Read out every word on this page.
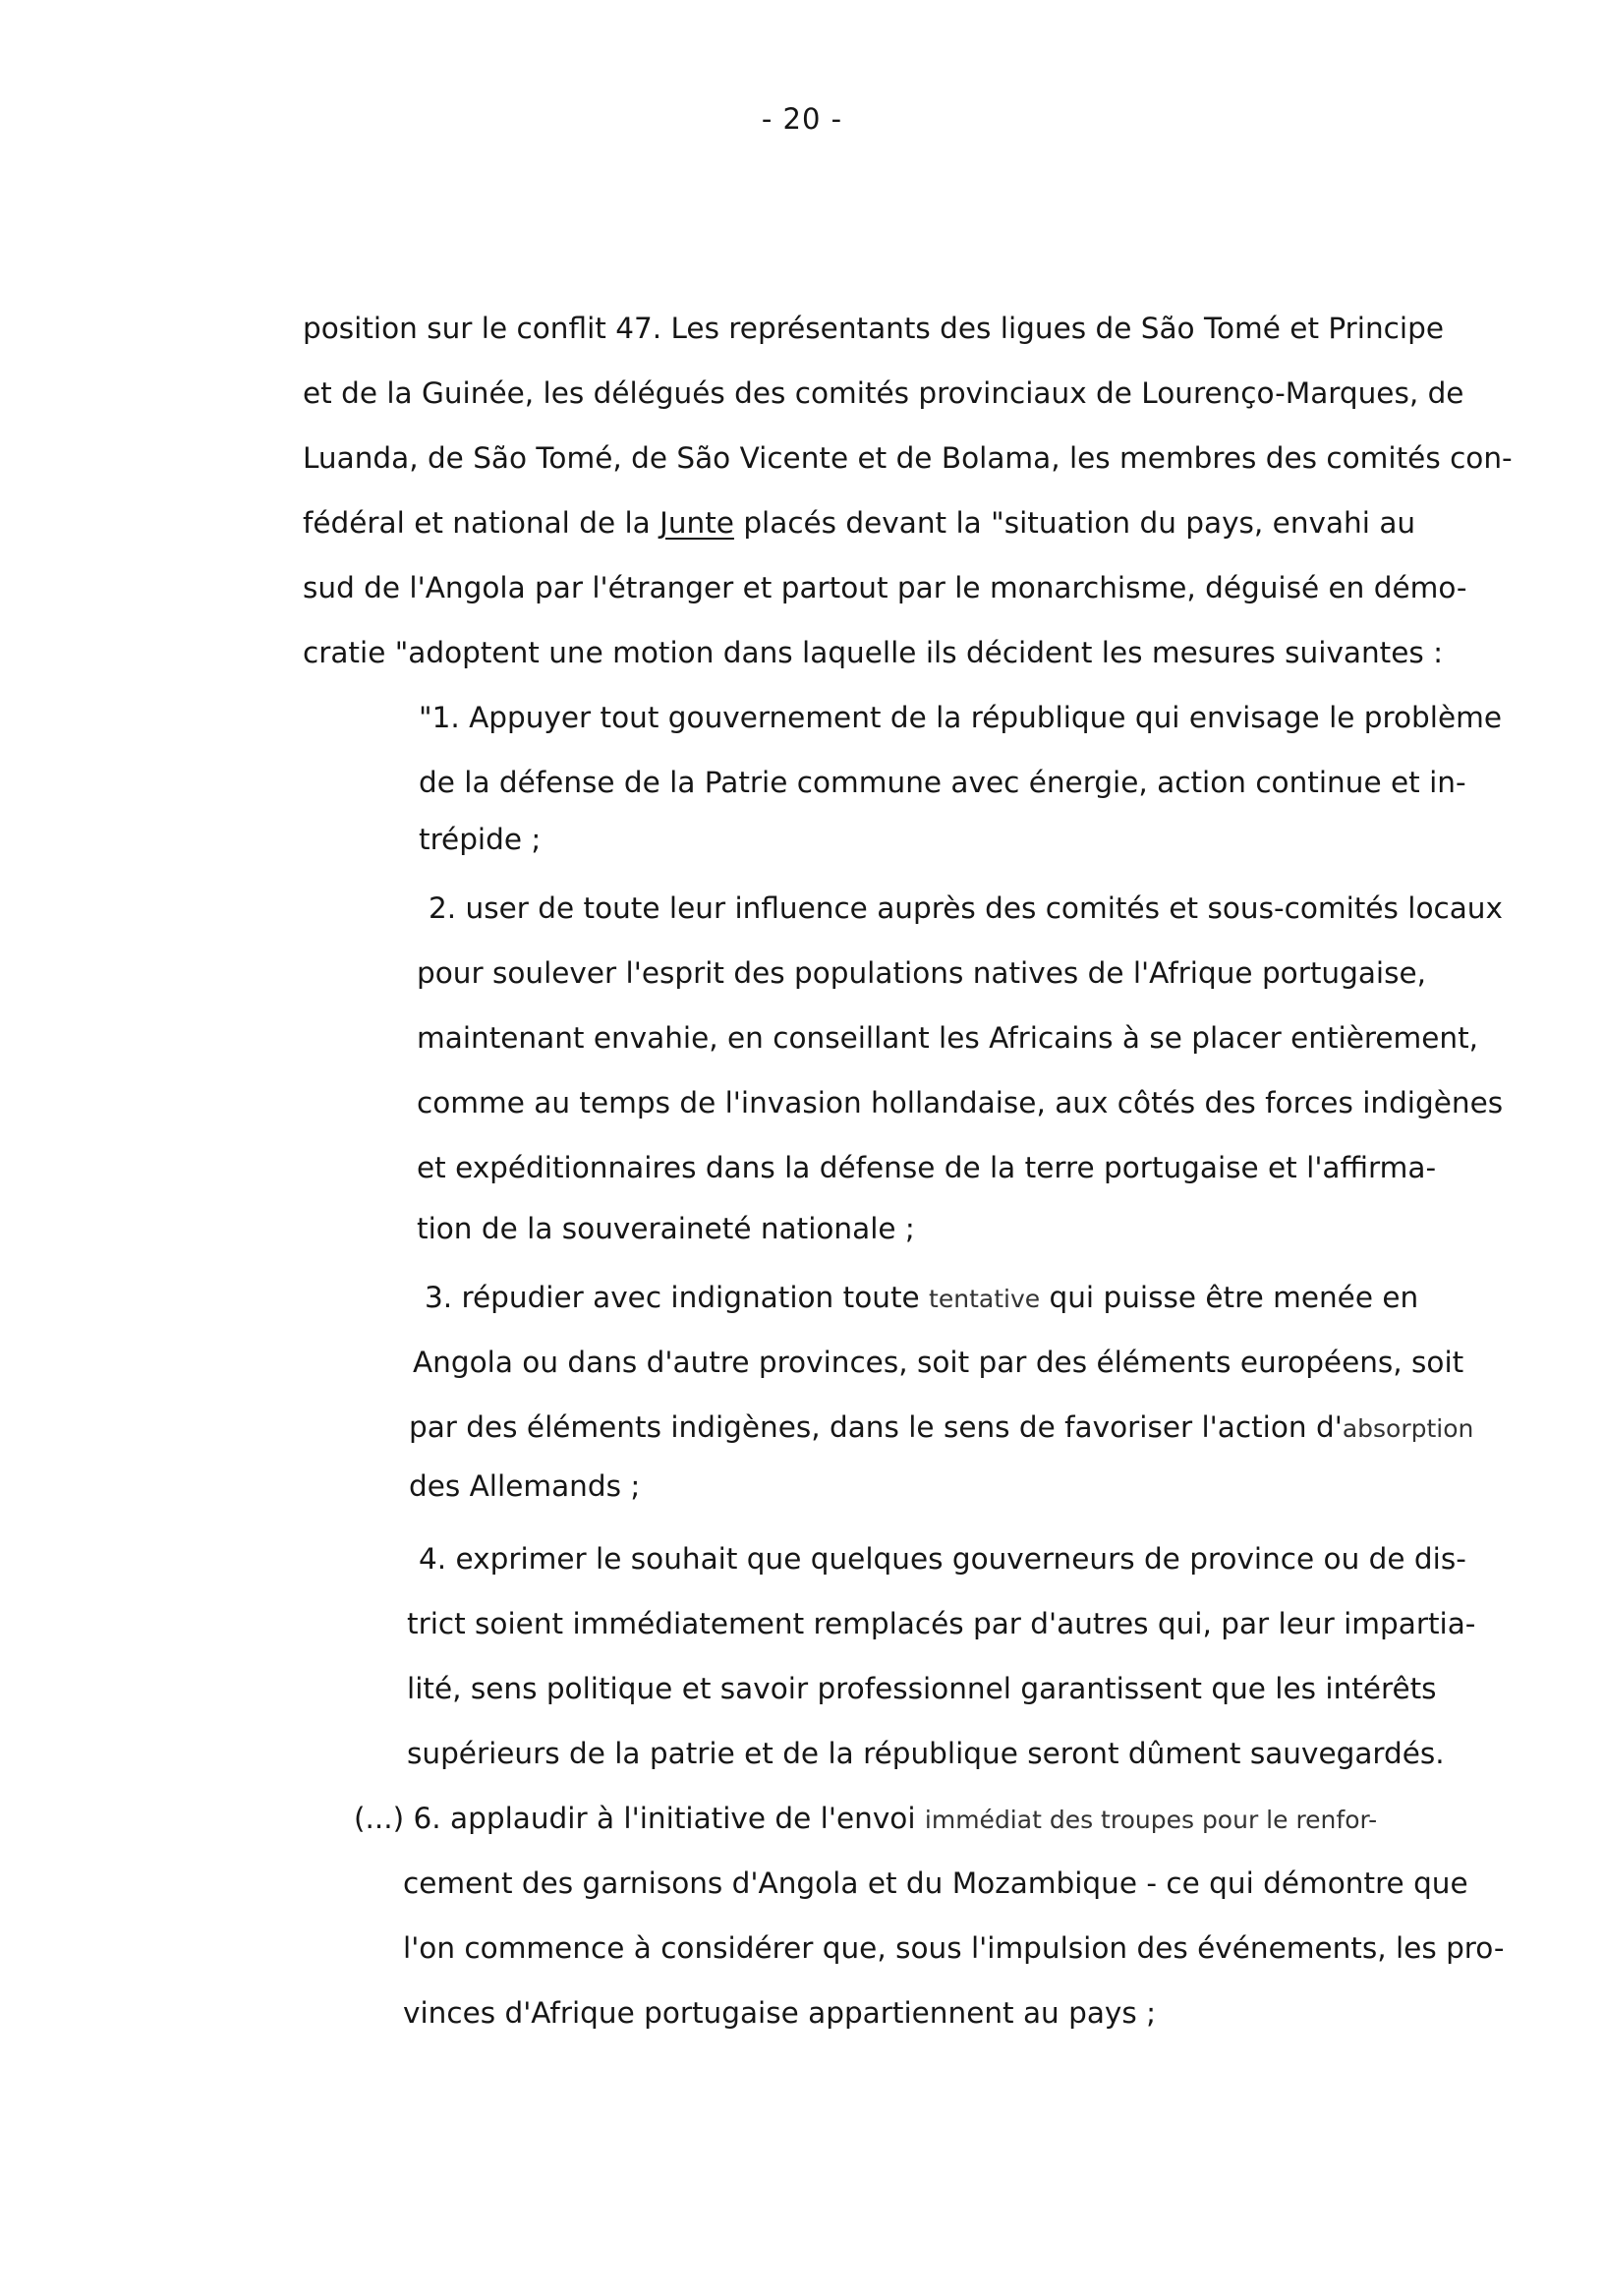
- 20 -
position sur le conflit 47. Les représentants des ligues de São Tomé et Principe
et de la Guinée, les délégués des comités provinciaux de Lourenço-Marques, de
Luanda, de São Tomé, de São Vicente et de Bolama, les membres des comités con-
fédéral et national de la Junte placés devant la "situation du pays, envahi au
sud de l'Angola par l'étranger et partout par le monarchisme, déguisé en démo-
cratie "adoptent une motion dans laquelle ils décident les mesures suivantes :
"1. Appuyer tout gouvernement de la république qui envisage le problème
de la défense de la Patrie commune avec énergie, action continue et in-
trépide ;
2. user de toute leur influence auprès des comités et sous-comités locaux
pour soulever l'esprit des populations natives de l'Afrique portugaise,
maintenant envahie, en conseillant les Africains à se placer entièrement,
comme au temps de l'invasion hollandaise, aux côtés des forces indigènes
et expéditionnaires dans la défense de la terre portugaise et l'affirma-
tion de la souveraineté nationale ;
3. répudier avec indignation toute tentative qui puisse être menée en
Angola ou dans d'autre provinces, soit par des éléments européens, soit
par des éléments indigènes, dans le sens de favoriser l'action d'absorption
des Allemands ;
4. exprimer le souhait que quelques gouverneurs de province ou de dis-
trict soient immédiatement remplacés par d'autres qui, par leur impartia-
lité, sens politique et savoir professionnel garantissent que les intérêts
supérieurs de la patrie et de la république seront dûment sauvegardés.
(...) 6. applaudir à l'initiative de l'envoi immédiat des troupes pour le renfor-
cement des garnisons d'Angola et du Mozambique - ce qui démontre que
l'on commence à considérer que, sous l'impulsion des événements, les pro-
vinces d'Afrique portugaise appartiennent au pays ;
